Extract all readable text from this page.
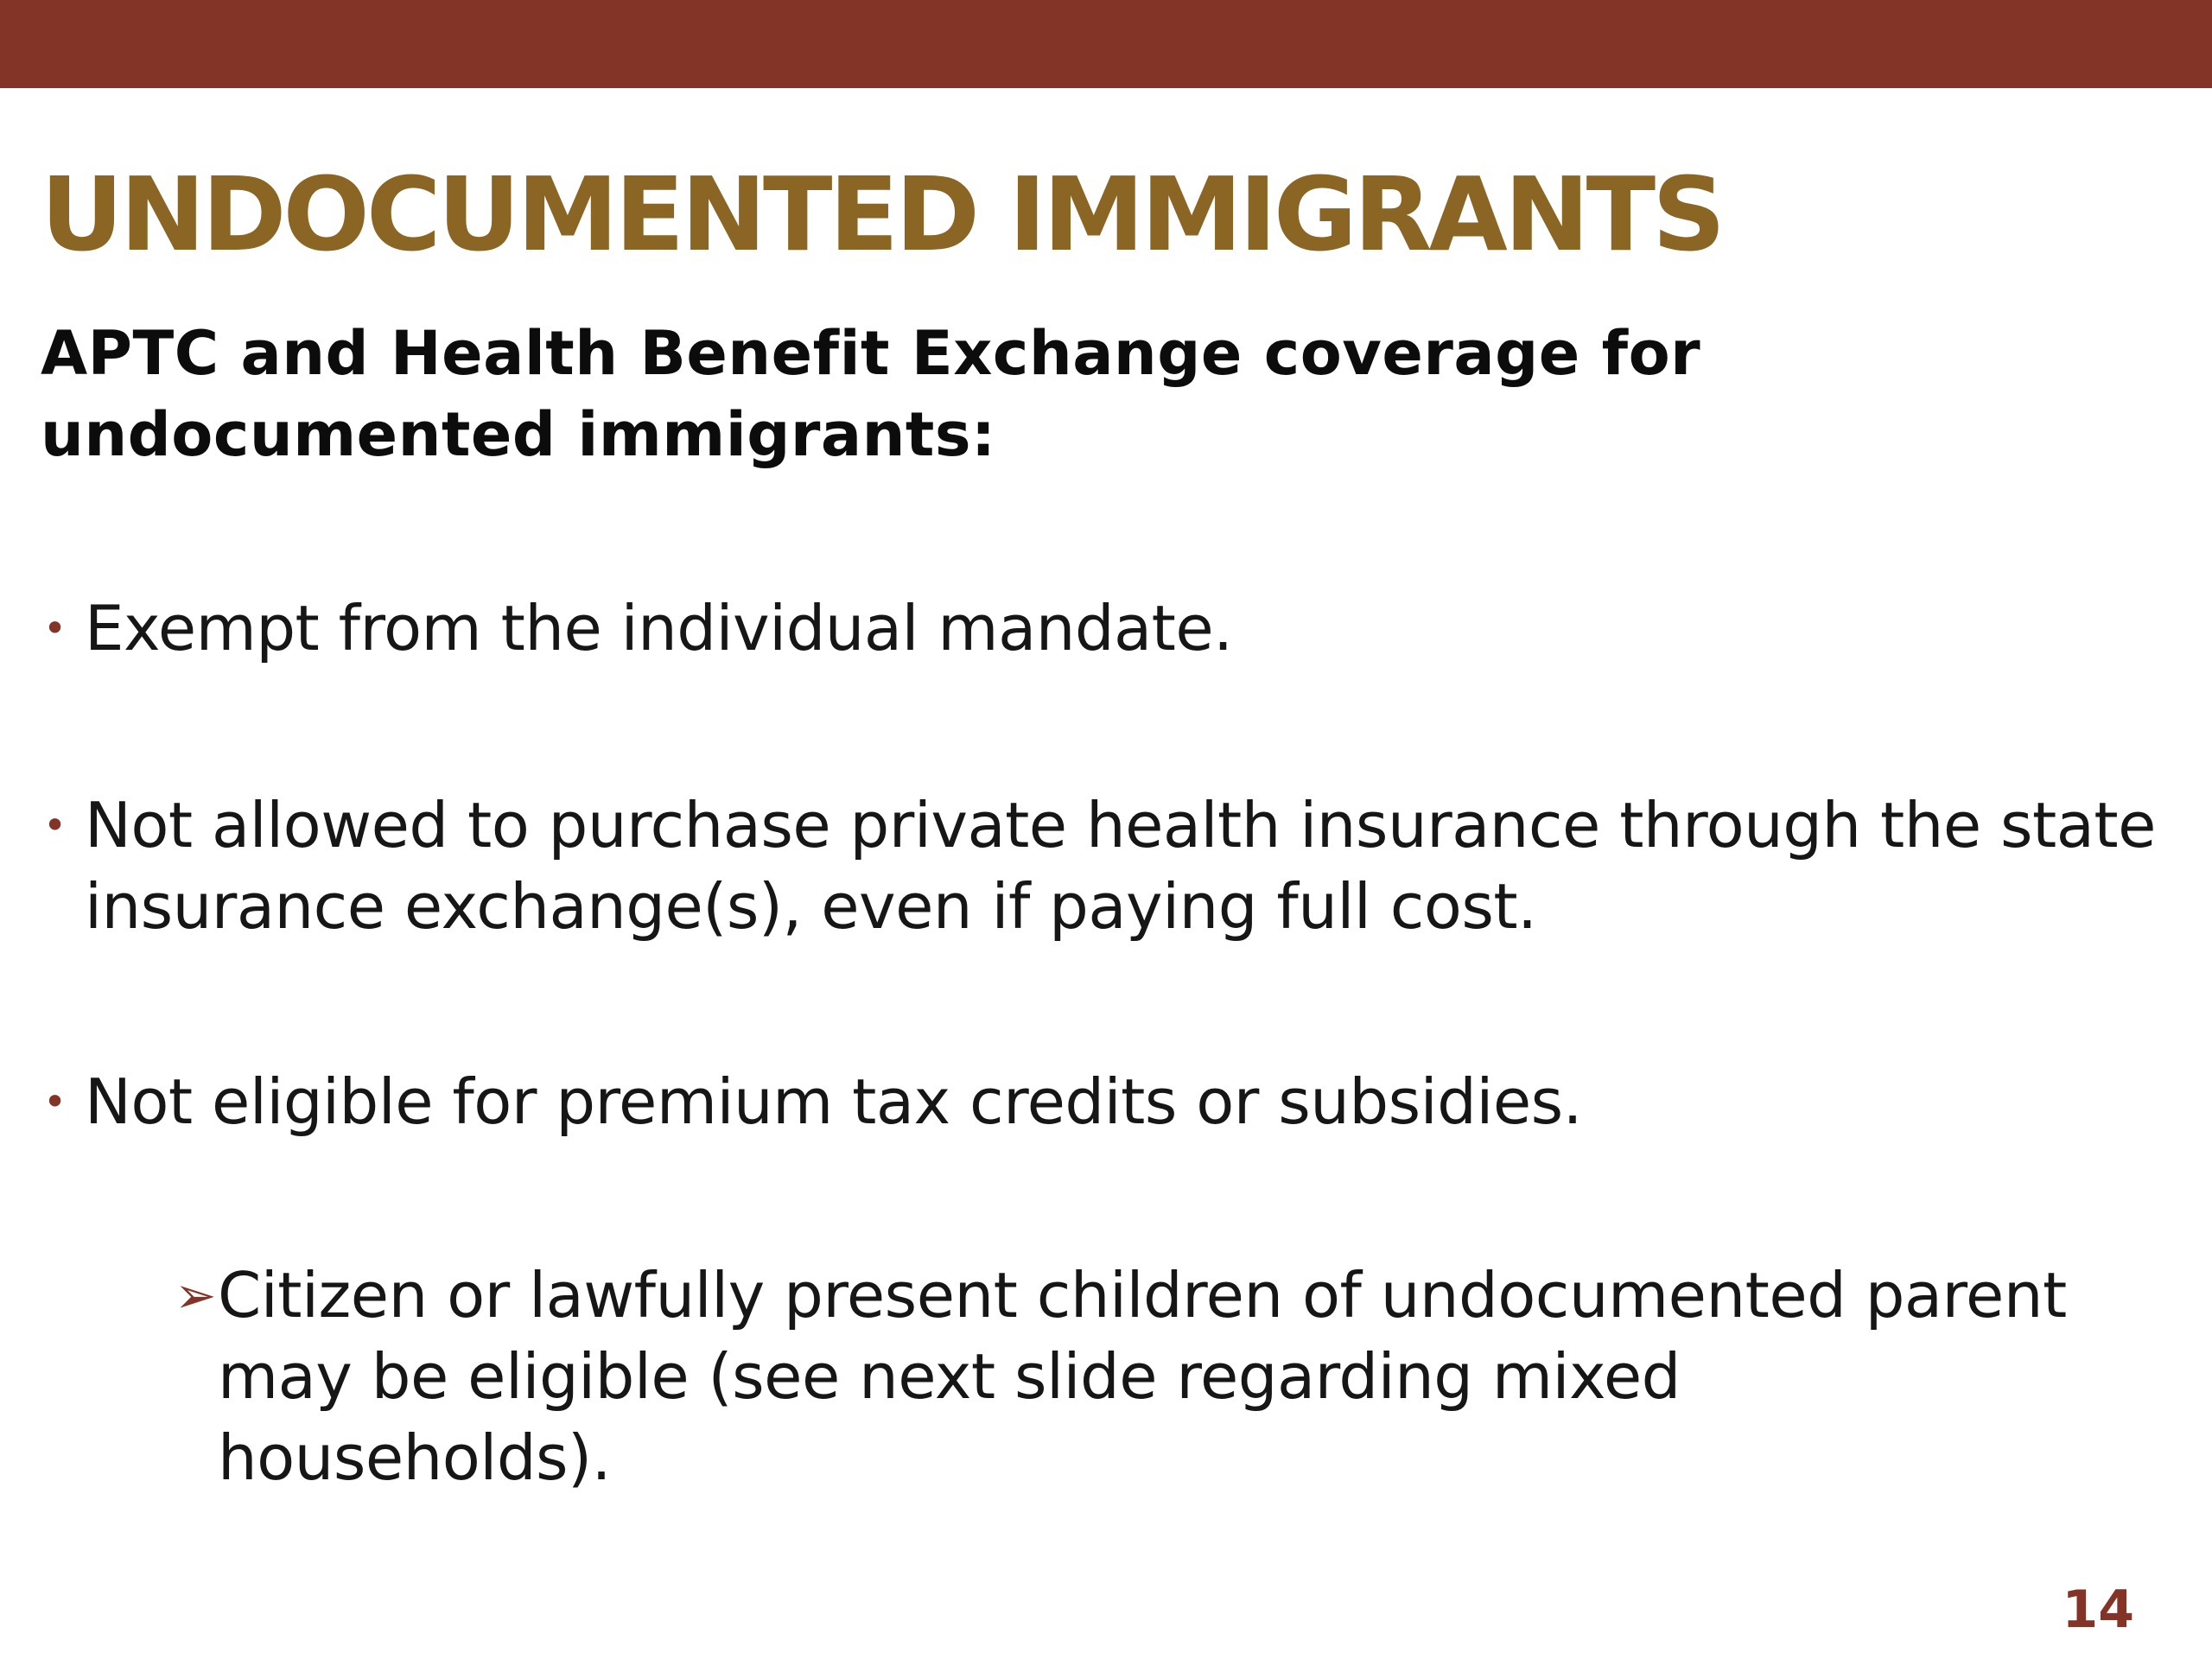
UNDOCUMENTED IMMIGRANTS

APTC and Health Benefit Exchange coverage for undocumented immigrants:

• Exempt from the individual mandate.
• Not allowed to purchase private health insurance through the state insurance exchange(s), even if paying full cost.
• Not eligible for premium tax credits or subsidies.
➢ Citizen or lawfully present children of undocumented parent may be eligible (see next slide regarding mixed households).
14
